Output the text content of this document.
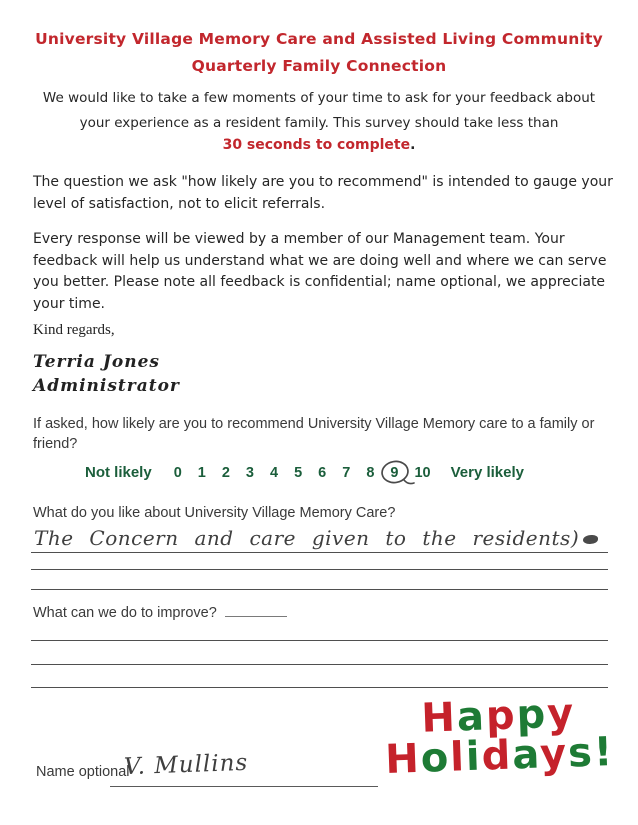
University Village Memory Care and Assisted Living Community
Quarterly Family Connection
We would like to take a few moments of your time to ask for your feedback about your experience as a resident family. This survey should take less than
30 seconds to complete.
The question we ask "how likely are you to recommend" is intended to gauge your level of satisfaction, not to elicit referrals.
Every response will be viewed by a member of our Management team. Your feedback will help us understand what we are doing well and where we can serve you better. Please note all feedback is confidential; name optional, we appreciate your time.
Kind regards,
Terria Jones
Administrator
If asked, how likely are you to recommend University Village Memory care to a family or friend?
Not likely 0 1 2 3 4 5 6 7 8 9 10 Very likely
What do you like about University Village Memory Care?
The Concern and care given to the residents)
What can we do to improve?
Happy
Holidays!
Name optional
V. Mullins
